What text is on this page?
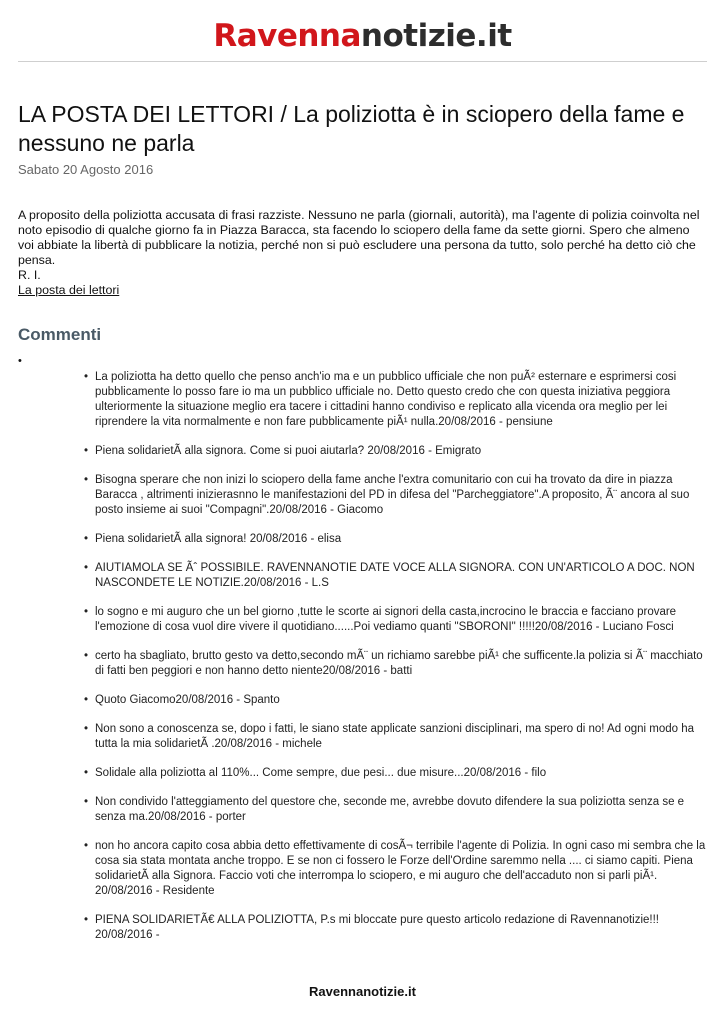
Ravennanotizie.it
LA POSTA DEI LETTORI / La poliziotta è in sciopero della fame e nessuno ne parla
Sabato 20 Agosto 2016

A proposito della poliziotta accusata di frasi razziste. Nessuno ne parla (giornali, autorità), ma l'agente di polizia coinvolta nel noto episodio di qualche giorno fa in Piazza Baracca, sta facendo lo sciopero della fame da sette giorni. Spero che almeno voi abbiate la libertà di pubblicare la notizia, perché non si può escludere una persona da tutto, solo perché ha detto ciò che pensa.

R. I.

La posta dei lettori

Commenti
•
• La poliziotta ha detto quello che penso anch'io ma e un pubblico ufficiale che non puÃ² esternare e esprimersi cosi pubblicamente lo posso fare io ma un pubblico ufficiale no. Detto questo credo che con questa iniziativa peggiora ulteriormente la situazione meglio era tacere i cittadini hanno condiviso e replicato alla vicenda ora meglio per lei riprendere la vita normalmente e non fare pubblicamente piÃ¹ nulla.20/08/2016 - pensiune
• Piena solidarietÃ alla signora. Come si puoi aiutarla? 20/08/2016 - Emigrato
• Bisogna sperare che non inizi lo sciopero della fame anche l'extra comunitario con cui ha trovato da dire in piazza Baracca , altrimenti inizierasnno le manifestazioni del PD in difesa del "Parcheggiatore".A proposito, Ã¨ ancora al suo posto insieme ai suoi "Compagni".20/08/2016 - Giacomo
• Piena solidarietÃ alla signora! 20/08/2016 - elisa
• AIUTIAMOLA SE Ãˆ POSSIBILE. RAVENNANOTIE DATE VOCE ALLA SIGNORA. CON UN'ARTICOLO A DOC. NON NASCONDETE LE NOTIZIE.20/08/2016 - L.S
• lo sogno e mi auguro che un bel giorno ,tutte le scorte ai signori della casta,incrocino le braccia e facciano provare l'emozione di cosa vuol dire vivere il quotidiano......Poi vediamo quanti "SBORONI" !!!!!20/08/2016 - Luciano Fosci
• certo ha sbagliato, brutto gesto va detto,secondo mÃ¨ un richiamo sarebbe piÃ¹ che sufficente.la polizia si Ã¨ macchiato di fatti ben peggiori e non hanno detto niente20/08/2016 - batti
• Quoto Giacomo20/08/2016 - Spanto
• Non sono a conoscenza se, dopo i fatti, le siano state applicate sanzioni disciplinari, ma spero di no! Ad ogni modo ha tutta la mia solidarietÃ .20/08/2016 - michele
• Solidale alla poliziotta al 110%... Come sempre, due pesi... due misure...20/08/2016 - filo
• Non condivido l'atteggiamento del questore che, seconde me, avrebbe dovuto difendere la sua poliziotta senza se e senza ma.20/08/2016 - porter
• non ho ancora capito cosa abbia detto effettivamente di cosÃ¬ terribile l'agente di Polizia. In ogni caso mi sembra che la cosa sia stata montata anche troppo. E se non ci fossero le Forze dell'Ordine saremmo nella .... ci siamo capiti. Piena solidarietÃ alla Signora. Faccio voti che interrompa lo sciopero, e mi auguro che dell'accaduto non si parli piÃ¹. 20/08/2016 - Residente
• PIENA SOLIDARIETÃ€ ALLA POLIZIOTTA, P.s mi bloccate pure questo articolo redazione di Ravennanotizie!!! 20/08/2016 -
Ravennanotizie.it
